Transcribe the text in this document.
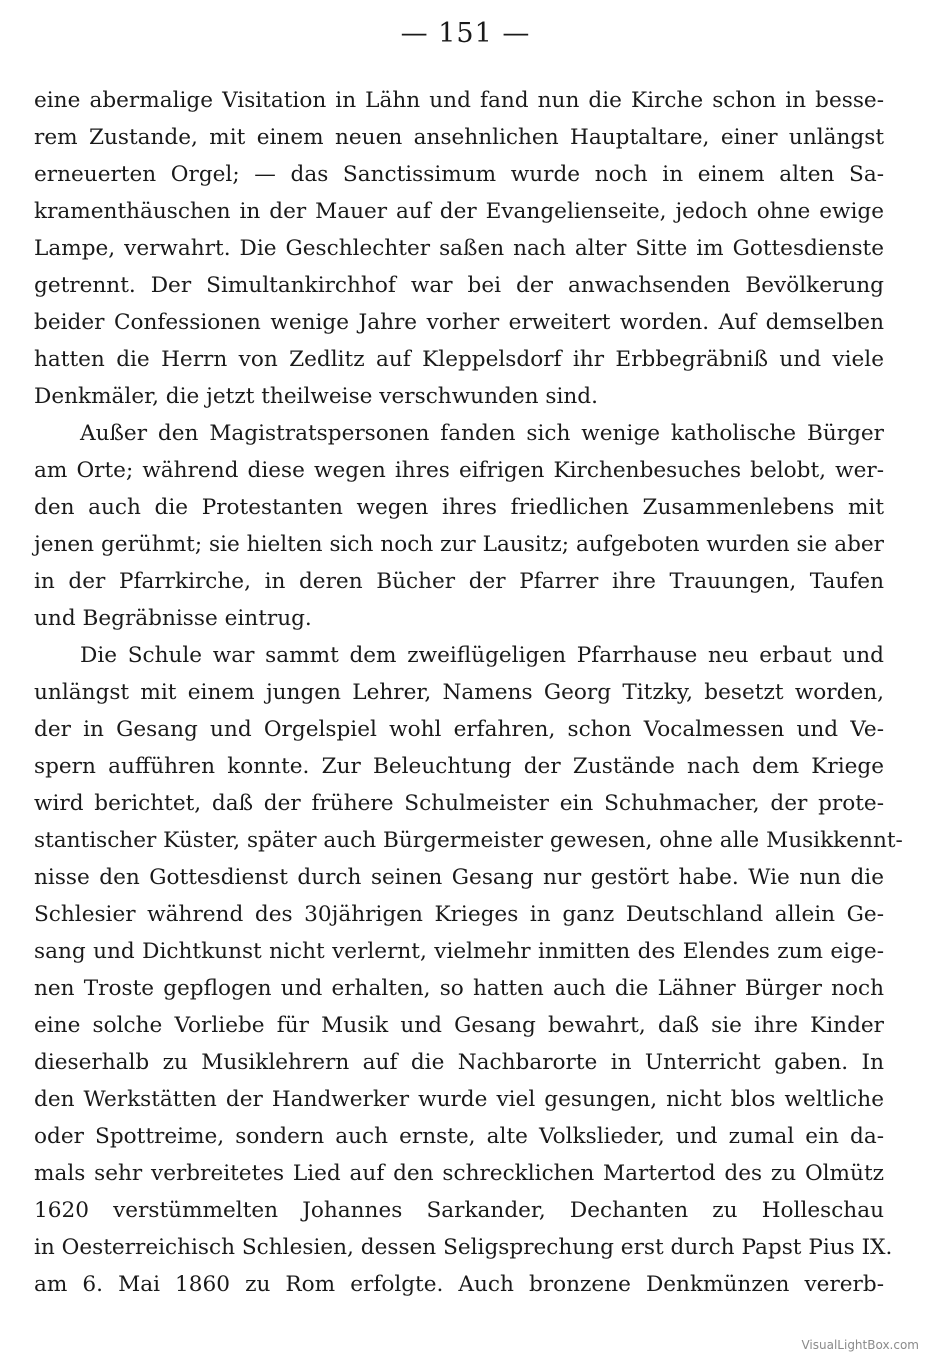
— 151 —
eine abermalige Visitation in Lähn und fand nun die Kirche schon in besse-
rem Zustande, mit einem neuen ansehnlichen Hauptaltare, einer unlängst
erneuerten Orgel; — das Sanctissimum wurde noch in einem alten Sa-
kramenthäuschen in der Mauer auf der Evangelienseite, jedoch ohne ewige
Lampe, verwahrt. Die Geschlechter saßen nach alter Sitte im Gottesdienste
getrennt. Der Simultankirchhof war bei der anwachsenden Bevölkerung
beider Confessionen wenige Jahre vorher erweitert worden. Auf demselben
hatten die Herrn von Zedlitz auf Kleppelsdorf ihr Erbbegräbniß und viele
Denkmäler, die jetzt theilweise verschwunden sind.
Außer den Magistratspersonen fanden sich wenige katholische Bürger
am Orte; während diese wegen ihres eifrigen Kirchenbesuches belobt, wer-
den auch die Protestanten wegen ihres friedlichen Zusammenlebens mit
jenen gerühmt; sie hielten sich noch zur Lausitz; aufgeboten wurden sie aber
in der Pfarrkirche, in deren Bücher der Pfarrer ihre Trauungen, Taufen
und Begräbnisse eintrug.
Die Schule war sammt dem zweiflügeligen Pfarrhause neu erbaut und
unlängst mit einem jungen Lehrer, Namens Georg Titzky, besetzt worden,
der in Gesang und Orgelspiel wohl erfahren, schon Vocalmessen und Ve-
spern aufführen konnte. Zur Beleuchtung der Zustände nach dem Kriege
wird berichtet, daß der frühere Schulmeister ein Schuhmacher, der prote-
stantischer Küster, später auch Bürgermeister gewesen, ohne alle Musikkennt-
nisse den Gottesdienst durch seinen Gesang nur gestört habe. Wie nun die
Schlesier während des 30jährigen Krieges in ganz Deutschland allein Ge-
sang und Dichtkunst nicht verlernt, vielmehr inmitten des Elendes zum eige-
nen Troste gepflogen und erhalten, so hatten auch die Lähner Bürger noch
eine solche Vorliebe für Musik und Gesang bewahrt, daß sie ihre Kinder
dieserhalb zu Musiklehrern auf die Nachbarorte in Unterricht gaben. In
den Werkstätten der Handwerker wurde viel gesungen, nicht blos weltliche
oder Spottreime, sondern auch ernste, alte Volkslieder, und zumal ein da-
mals sehr verbreitetes Lied auf den schrecklichen Martertod des zu Olmütz
1620 verstümmelten Johannes Sarkander, Dechanten zu Holleschau
in Oesterreichisch Schlesien, dessen Seligsprechung erst durch Papst Pius IX.
am 6. Mai 1860 zu Rom erfolgte. Auch bronzene Denkmünzen vererb-
VisualLightBox.com
